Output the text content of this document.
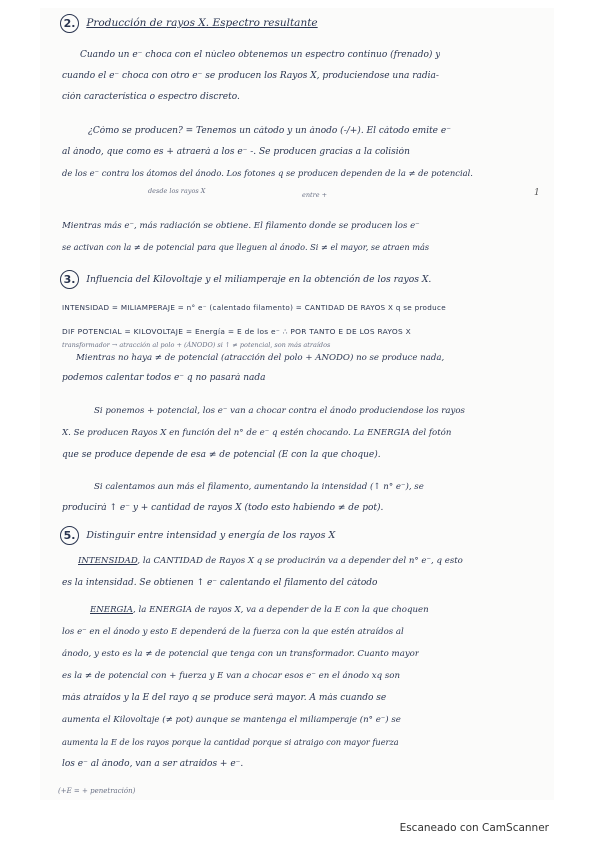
2. Producción de rayos X. Espectro resultante

Cuando un e⁻ choca con el núcleo obtenemos un espectro continuo (frenado) y

cuando el e⁻ choca con otro e⁻ se producen los Rayos X, produciendose una radia-

ción característica o espectro discreto.

¿Cómo se producen? = Tenemos un cátodo y un ánodo (-/+). El cátodo emite e⁻

al ánodo, que como es + atraerá a los e⁻ -. Se producen gracias a la colisión

de los e⁻ contra los átomos del ánodo. Los fotones q se producen dependen de la ≠ de potencial.

desde los rayos X	entre +	1

Mientras más e⁻, más radiación se obtiene. El filamento donde se producen los e⁻

se activan con la ≠ de potencial para que lleguen al ánodo. Si ≠ el mayor, se atraen más

3. Influencia del Kilovoltaje y el miliamperaje en la obtención de los rayos X.

INTENSIDAD = MILIAMPERAJE = n° e⁻ (calentado filamento) = CANTIDAD DE RAYOS X q se produce

DIF POTENCIAL = KILOVOLTAJE = Energía = E de los e⁻ ∴ POR TANTO E DE LOS RAYOS X

transformador → atracción al polo + (ÁNODO) si ↑ ≠ potencial, son más atraídos

Mientras no haya ≠ de potencial (atracción del polo + ÁNODO) no se produce nada,

podemos calentar todos e⁻ q no pasará nada

Si ponemos + potencial, los e⁻ van a chocar contra el ánodo produciendose los rayos

X. Se producen Rayos X en función del n° de e⁻ q estén chocando. La ENERGÍA del fotón

que se produce depende de esa ≠ de potencial (E con la que choque).

Si calentamos aun más el filamento, aumentando la intensidad (↑ n° e⁻), se

producirá ↑ e⁻ y + cantidad de rayos X (todo esto habiendo ≠ de pot).

5. Distinguir entre intensidad y energía de los rayos X

INTENSIDAD, la CANTIDAD de Rayos X q se producirán va a depender del n° e⁻, q esto

es la intensidad. Se obtienen ↑ e⁻ calentando el filamento del cátodo

ENERGÍA, la ENERGÍA de rayos X, va a depender de la E con la que choquen

los e⁻ en el ánodo y esto E dependerá de la fuerza con la que estén atraídos al

ánodo, y esto es la ≠ de potencial que tenga con un transformador. Cuanto mayor

es la ≠ de potencial con + fuerza y E van a chocar esos e⁻ en el ánodo xq son

más atraídos y la E del rayo q se produce será mayor. A más cuando se

aumenta el Kilovoltaje (≠ pot) aunque se mantenga el miliamperaje (n° e⁻) se

aumenta la E de los rayos porque la cantidad porque si atraigo con mayor fuerza

los e⁻ al ánodo, van a ser atraídos + e⁻.

(+E = + penetración)
Escaneado con CamScanner
